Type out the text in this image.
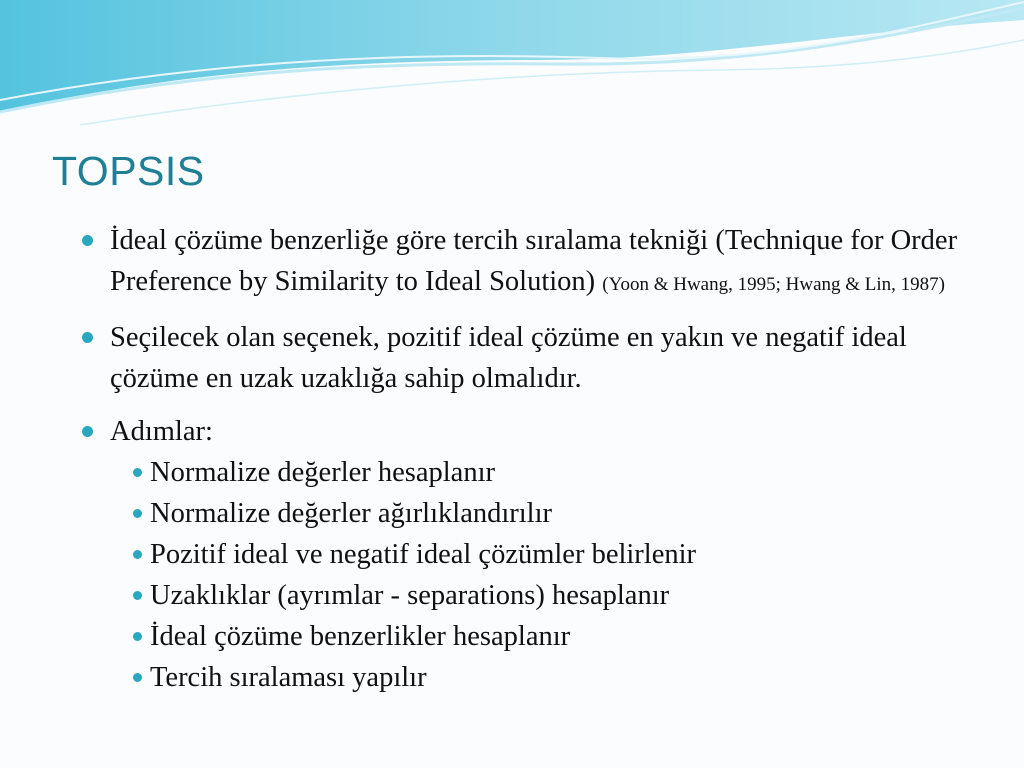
TOPSIS
İdeal çözüme benzerliğe göre tercih sıralama tekniği (Technique for Order Preference by Similarity to Ideal Solution) (Yoon & Hwang, 1995; Hwang & Lin, 1987)
Seçilecek olan seçenek, pozitif ideal çözüme en yakın ve negatif ideal çözüme en uzak uzaklığa sahip olmalıdır.
Adımlar:
Normalize değerler hesaplanır
Normalize değerler ağırlıklandırılır
Pozitif ideal ve negatif ideal çözümler belirlenir
Uzaklıklar (ayrımlar - separations) hesaplanır
İdeal çözüme benzerlikler hesaplanır
Tercih sıralaması yapılır
